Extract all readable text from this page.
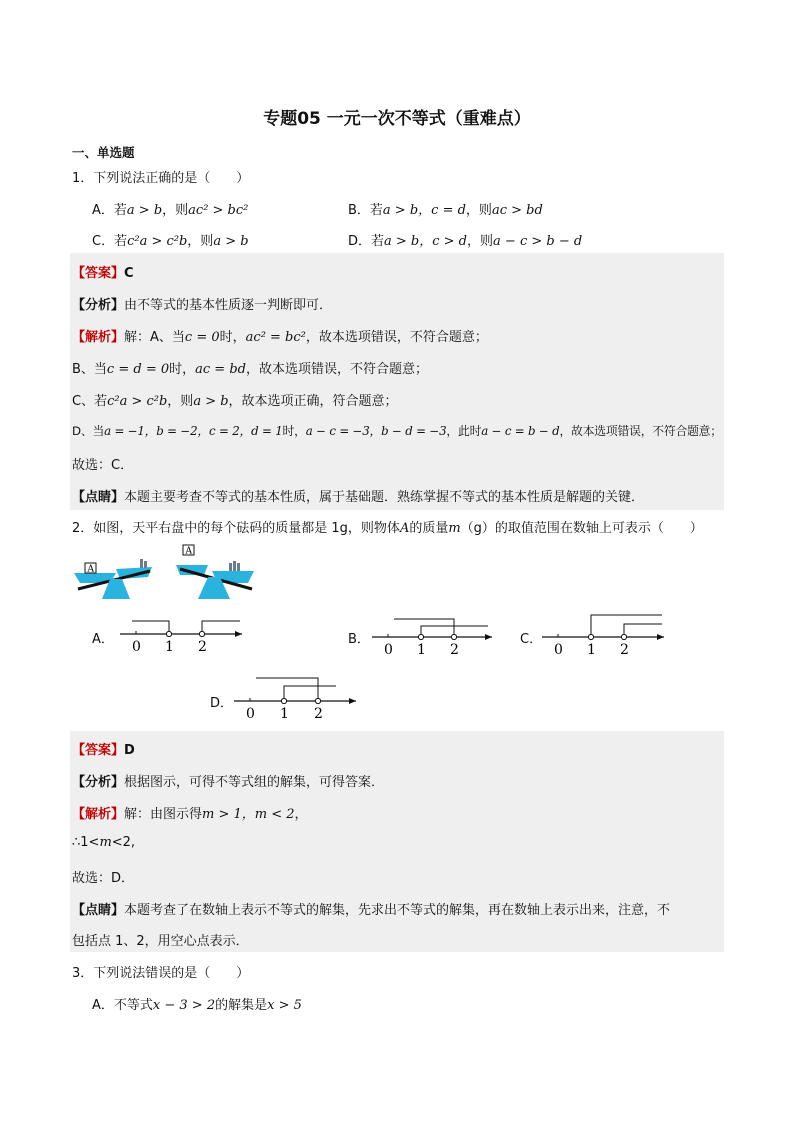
专题05 一元一次不等式（重难点）
一、单选题
1．下列说法正确的是（　　）
A．若a > b，则ac² > bc²	B．若a > b，c = d，则ac > bd
C．若c²a > c²b，则a > b	D．若a > b，c > d，则a − c > b − d
【答案】C
【分析】由不等式的基本性质逐一判断即可．
【解析】解：A、当c = 0时，ac² = bc²，故本选项错误，不符合题意；
B、当c = d = 0时，ac = bd，故本选项错误，不符合题意；
C、若c²a > c²b，则a > b，故本选项正确，符合题意；
D、当a = −1，b = −2，c = 2，d = 1时，a − c = −3，b − d = −3，此时a − c = b − d，故本选项错误，不符合题意；
故选：C．
【点睛】本题主要考查不等式的基本性质，属于基础题．熟练掌握不等式的基本性质是解题的关键．
2．如图，天平右盘中的每个砝码的质量都是 1g，则物体A的质量m（g）的取值范围在数轴上可表示（　　）
A
A
A． 0 1 2	B．
0 1 2
C．
0 1 2
D．
0 1 2
【答案】D
【分析】根据图示，可得不等式组的解集，可得答案．
【解析】解：由图示得m > 1，m < 2，
∴1<m<2,
故选：D．
【点睛】本题考查了在数轴上表示不等式的解集，先求出不等式的解集，再在数轴上表示出来，注意，不
包括点 1、2，用空心点表示．
3．下列说法错误的是（　　）
A．不等式x − 3 > 2的解集是x > 5
